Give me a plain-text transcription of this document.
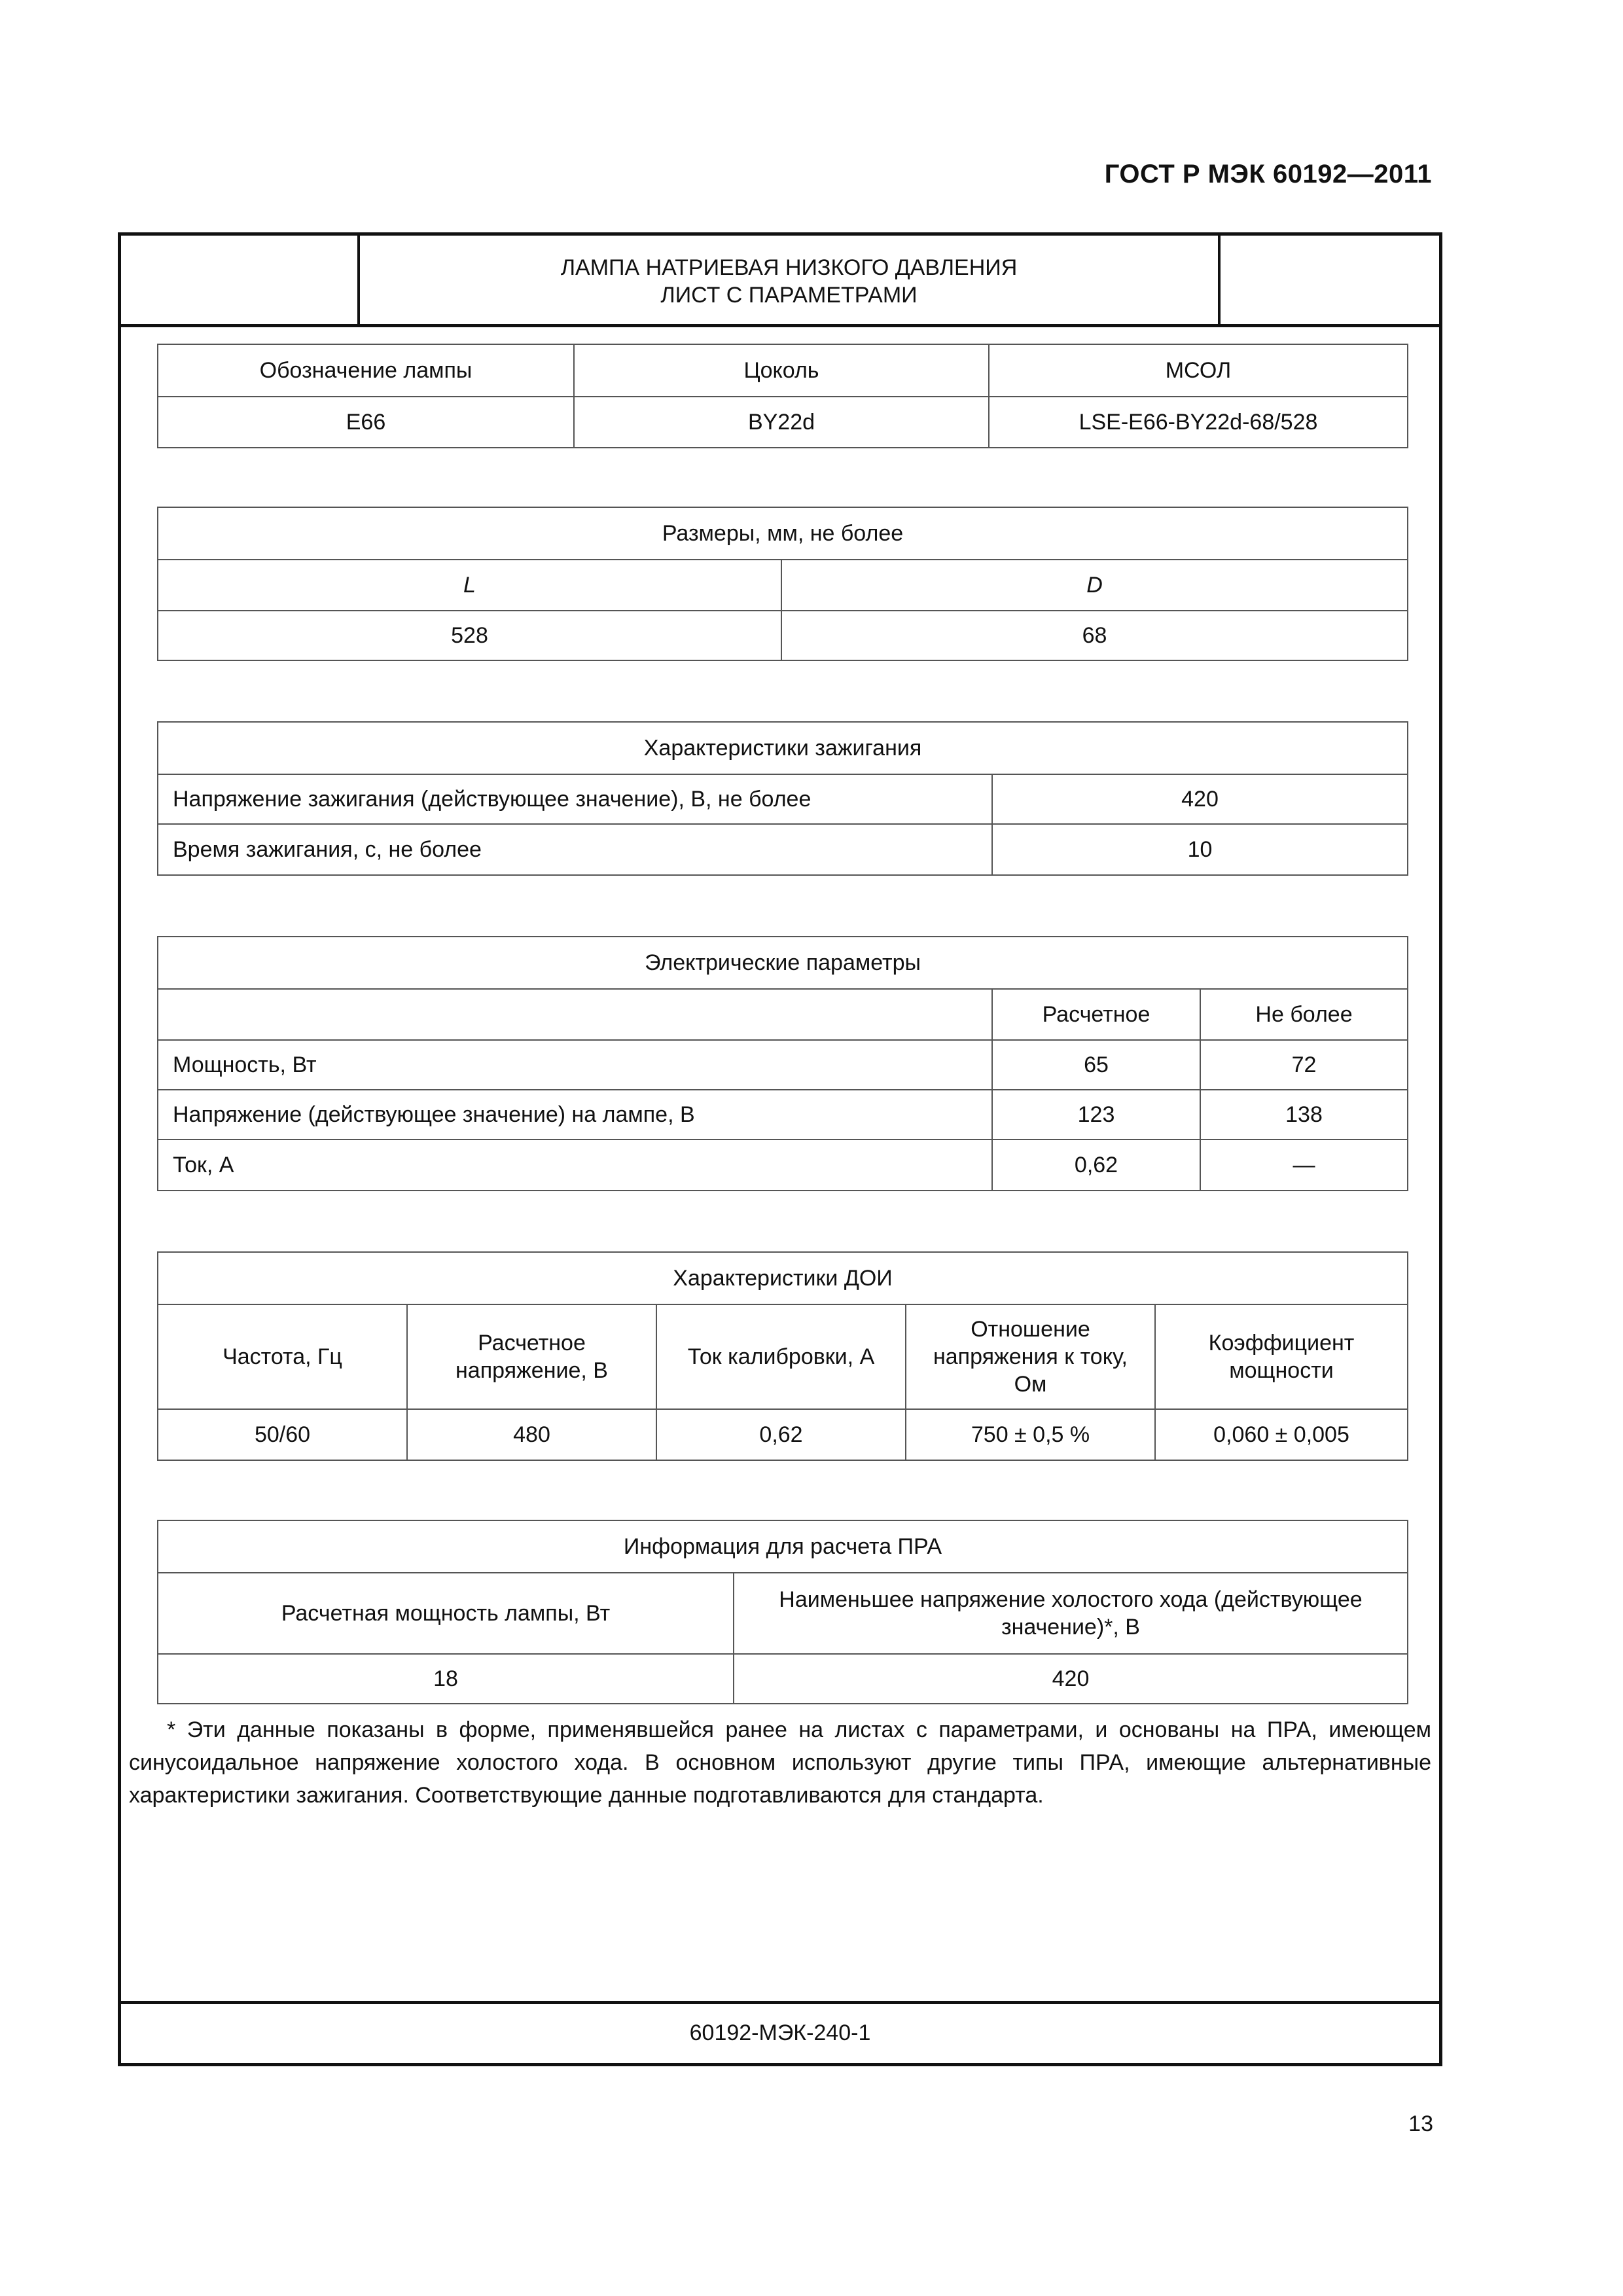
ГОСТ Р МЭК 60192—2011
ЛАМПА НАТРИЕВАЯ НИЗКОГО ДАВЛЕНИЯ
ЛИСТ С ПАРАМЕТРАМИ
Обозначение лампы	Цоколь	МСОЛ
E66	BY22d	LSE-E66-BY22d-68/528
Размеры, мм, не более	
L	D
528	68
Характеристики зажигания	
Напряжение зажигания (действующее значение), В, не более	420
Время зажигания, с, не более	10
Электрические параметры		
	Расчетное	Не более
Мощность, Вт	65	72
Напряжение (действующее значение) на лампе, В	123	138
Ток, А	0,62	—
Характеристики ДОИ				
Частота, Гц	Расчетное напряжение, В	Ток калибровки, А	Отношение напряжения к току, Ом	Коэффициент мощности
50/60	480	0,62	750 ± 0,5 %	0,060 ± 0,005
Информация для расчета ПРА	
Расчетная мощность лампы, Вт	Наименьшее напряжение холостого хода (действующее значение)*, В
18	420
* Эти данные показаны в форме, применявшейся ранее на листах с параметрами, и основаны на ПРА, имеющем синусоидальное напряжение холостого хода. В основном используют другие типы ПРА, имеющие альтернативные характеристики зажигания. Соответствующие данные подготавливаются для стандарта.
60192-МЭК-240-1
13
